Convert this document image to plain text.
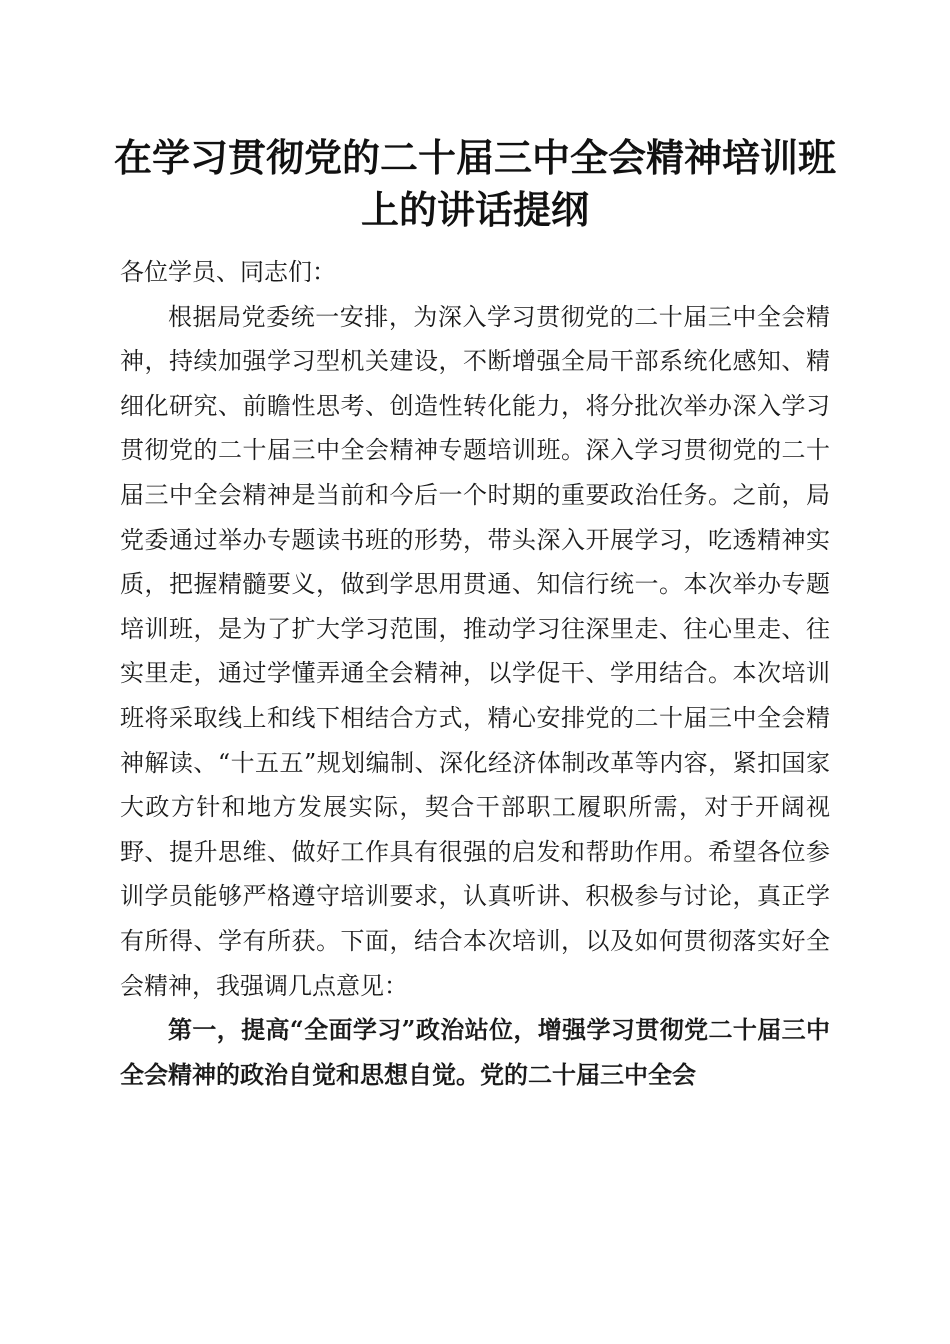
在学习贯彻党的二十届三中全会精神培训班上的讲话提纲

各位学员、同志们：

根据局党委统一安排，为深入学习贯彻党的二十届三中全会精神，持续加强学习型机关建设，不断增强全局干部系统化感知、精细化研究、前瞻性思考、创造性转化能力，将分批次举办深入学习贯彻党的二十届三中全会精神专题培训班。深入学习贯彻党的二十届三中全会精神是当前和今后一个时期的重要政治任务。之前，局党委通过举办专题读书班的形势，带头深入开展学习，吃透精神实质，把握精髓要义，做到学思用贯通、知信行统一。本次举办专题培训班，是为了扩大学习范围，推动学习往深里走、往心里走、往实里走，通过学懂弄通全会精神，以学促干、学用结合。本次培训班将采取线上和线下相结合方式，精心安排党的二十届三中全会精神解读、“十五五”规划编制、深化经济体制改革等内容，紧扣国家大政方针和地方发展实际，契合干部职工履职所需，对于开阔视野、提升思维、做好工作具有很强的启发和帮助作用。希望各位参训学员能够严格遵守培训要求，认真听讲、积极参与讨论，真正学有所得、学有所获。下面，结合本次培训，以及如何贯彻落实好全会精神，我强调几点意见：

第一，提高“全面学习”政治站位，增强学习贯彻党二十届三中全会精神的政治自觉和思想自觉。党的二十届三中全会
